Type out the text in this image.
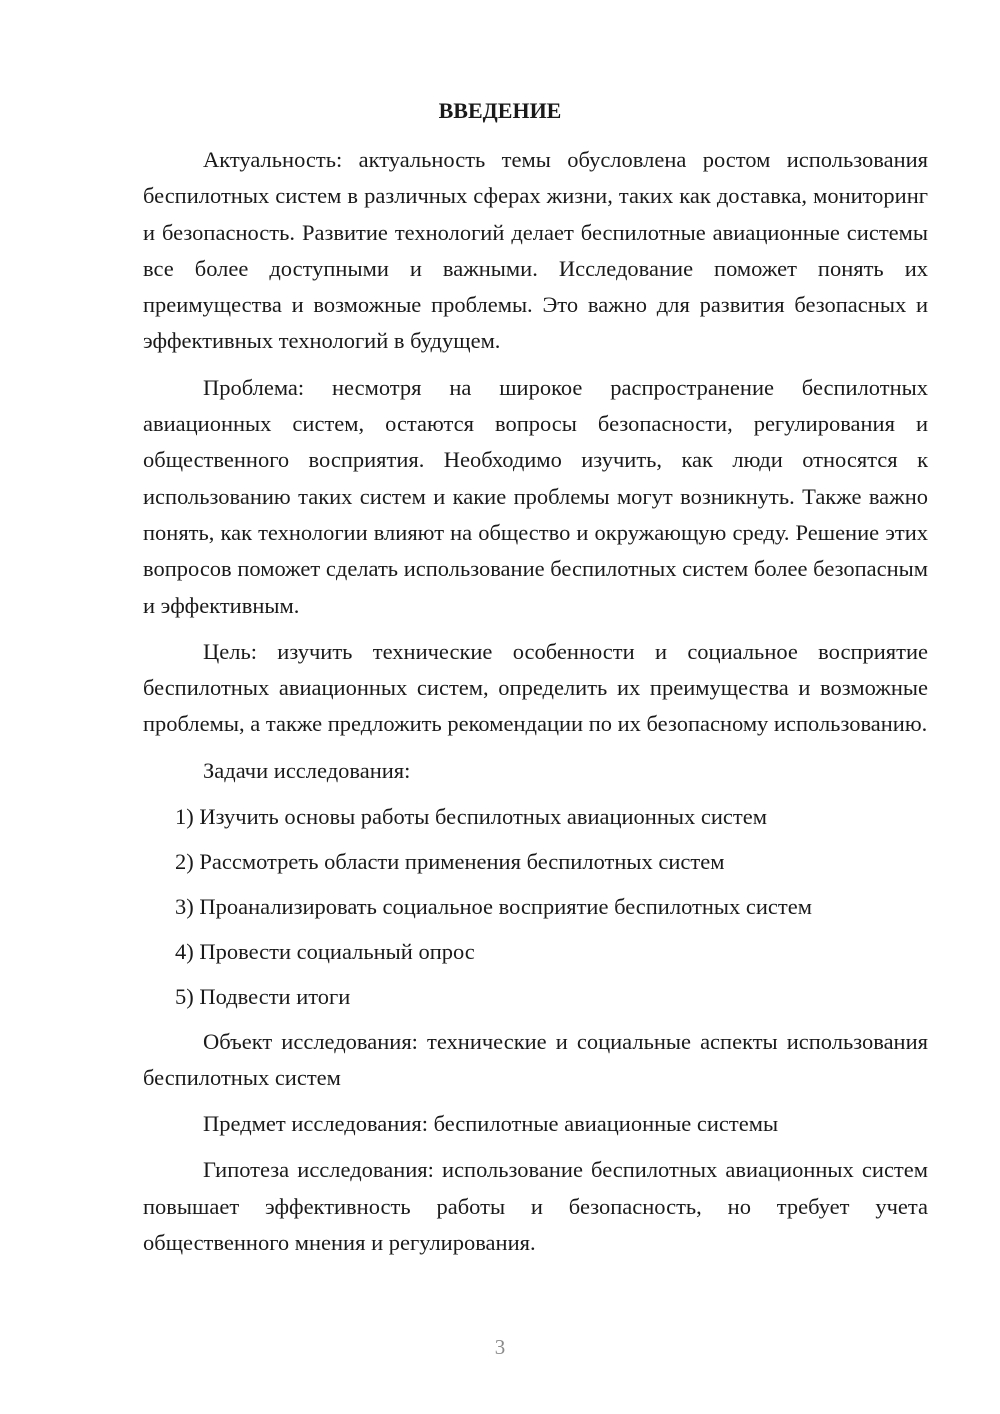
ВВЕДЕНИЕ

Актуальность: актуальность темы обусловлена ростом использования беспилотных систем в различных сферах жизни, таких как доставка, мониторинг и безопасность. Развитие технологий делает беспилотные авиационные системы все более доступными и важными. Исследование поможет понять их преимущества и возможные проблемы. Это важно для развития безопасных и эффективных технологий в будущем.

Проблема: несмотря на широкое распространение беспилотных авиационных систем, остаются вопросы безопасности, регулирования и общественного восприятия. Необходимо изучить, как люди относятся к использованию таких систем и какие проблемы могут возникнуть. Также важно понять, как технологии влияют на общество и окружающую среду. Решение этих вопросов поможет сделать использование беспилотных систем более безопасным и эффективным.

Цель: изучить технические особенности и социальное восприятие беспилотных авиационных систем, определить их преимущества и возможные проблемы, а также предложить рекомендации по их безопасному использованию.

Задачи исследования:

1) Изучить основы работы беспилотных авиационных систем

2) Рассмотреть области применения беспилотных систем

3) Проанализировать социальное восприятие беспилотных систем

4) Провести социальный опрос

5) Подвести итоги

Объект исследования: технические и социальные аспекты использования беспилотных систем

Предмет исследования: беспилотные авиационные системы

Гипотеза исследования: использование беспилотных авиационных систем повышает эффективность работы и безопасность, но требует учета общественного мнения и регулирования.

3
